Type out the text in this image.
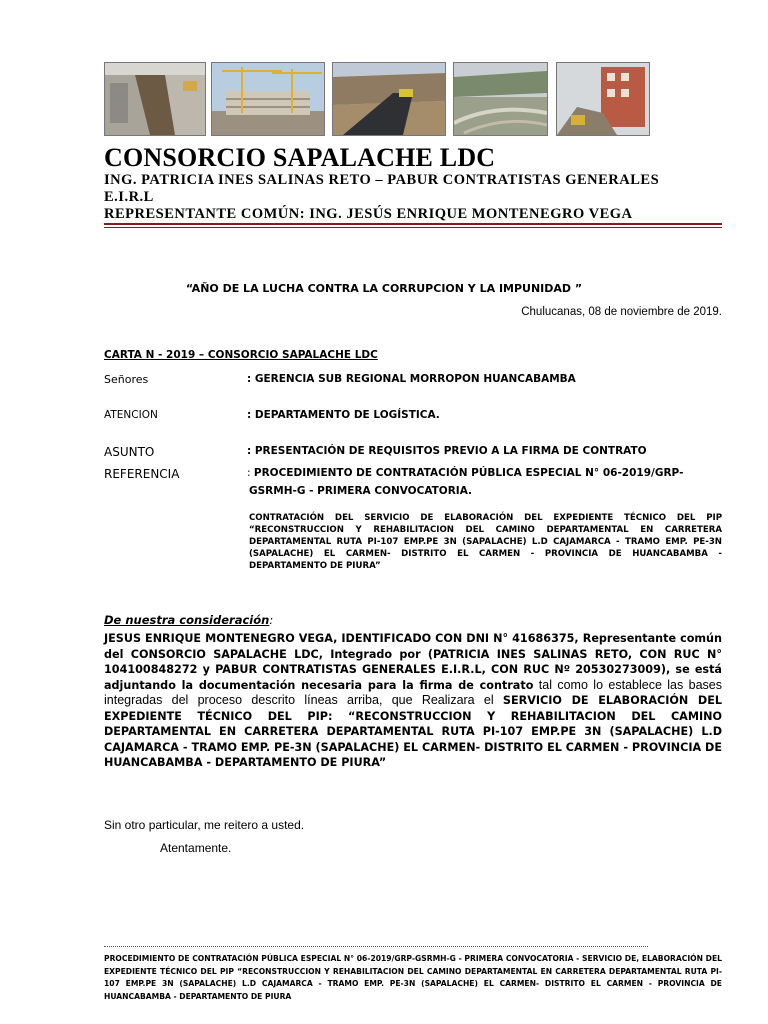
CONSORCIO SAPALACHE LDC
ING. PATRICIA INES SALINAS RETO – PABUR CONTRATISTAS GENERALES
E.I.R.L
REPRESENTANTE COMÚN: ING. JESÚS ENRIQUE MONTENEGRO VEGA
“AÑO DE LA LUCHA CONTRA LA CORRUPCION Y LA IMPUNIDAD ”
Chulucanas, 08 de noviembre de 2019.
CARTA N - 2019 – CONSORCIO SAPALACHE LDC
Señores	: GERENCIA SUB REGIONAL MORROPON HUANCABAMBA
ATENCION	: DEPARTAMENTO DE LOGÍSTICA.
ASUNTO	: PRESENTACIÓN DE REQUISITOS PREVIO A LA FIRMA DE CONTRATO
REFERENCIA	: PROCEDIMIENTO DE CONTRATACIÓN PÚBLICA ESPECIAL N° 06-2019/GRP-
GSRMH-G - PRIMERA CONVOCATORIA.
CONTRATACIÓN DEL SERVICIO DE ELABORACIÓN DEL EXPEDIENTE TÉCNICO DEL PIP “RECONSTRUCCION Y REHABILITACION DEL CAMINO DEPARTAMENTAL EN CARRETERA DEPARTAMENTAL RUTA PI-107 EMP.PE 3N (SAPALACHE) L.D CAJAMARCA - TRAMO EMP. PE-3N (SAPALACHE) EL CARMEN- DISTRITO EL CARMEN - PROVINCIA DE HUANCABAMBA - DEPARTAMENTO DE PIURA”
De nuestra consideración:
JESUS ENRIQUE MONTENEGRO VEGA, IDENTIFICADO CON DNI N° 41686375, Representante común del CONSORCIO SAPALACHE LDC, Integrado por (PATRICIA INES SALINAS RETO, CON RUC N° 104100848272 y PABUR CONTRATISTAS GENERALES E.I.R.L, CON RUC Nº 20530273009), se está adjuntando la documentación necesaria para la firma de contrato tal como lo establece las bases integradas del proceso descrito líneas arriba, que Realizara el SERVICIO DE ELABORACIÓN DEL EXPEDIENTE TÉCNICO DEL PIP: “RECONSTRUCCION Y REHABILITACION DEL CAMINO DEPARTAMENTAL EN CARRETERA DEPARTAMENTAL RUTA PI-107 EMP.PE 3N (SAPALACHE) L.D CAJAMARCA - TRAMO EMP. PE-3N (SAPALACHE) EL CARMEN- DISTRITO EL CARMEN - PROVINCIA DE HUANCABAMBA - DEPARTAMENTO DE PIURA”
Sin otro particular, me reitero a usted.
Atentamente.
PROCEDIMIENTO DE CONTRATACIÓN PÚBLICA ESPECIAL N° 06-2019/GRP-GSRMH-G - PRIMERA CONVOCATORIA - SERVICIO DE, ELABORACIÓN DEL EXPEDIENTE TÉCNICO DEL PIP “RECONSTRUCCION Y REHABILITACION DEL CAMINO DEPARTAMENTAL EN CARRETERA DEPARTAMENTAL RUTA PI-107 EMP.PE 3N (SAPALACHE) L.D CAJAMARCA - TRAMO EMP. PE-3N (SAPALACHE) EL CARMEN- DISTRITO EL CARMEN - PROVINCIA DE HUANCABAMBA - DEPARTAMENTO DE PIURA
